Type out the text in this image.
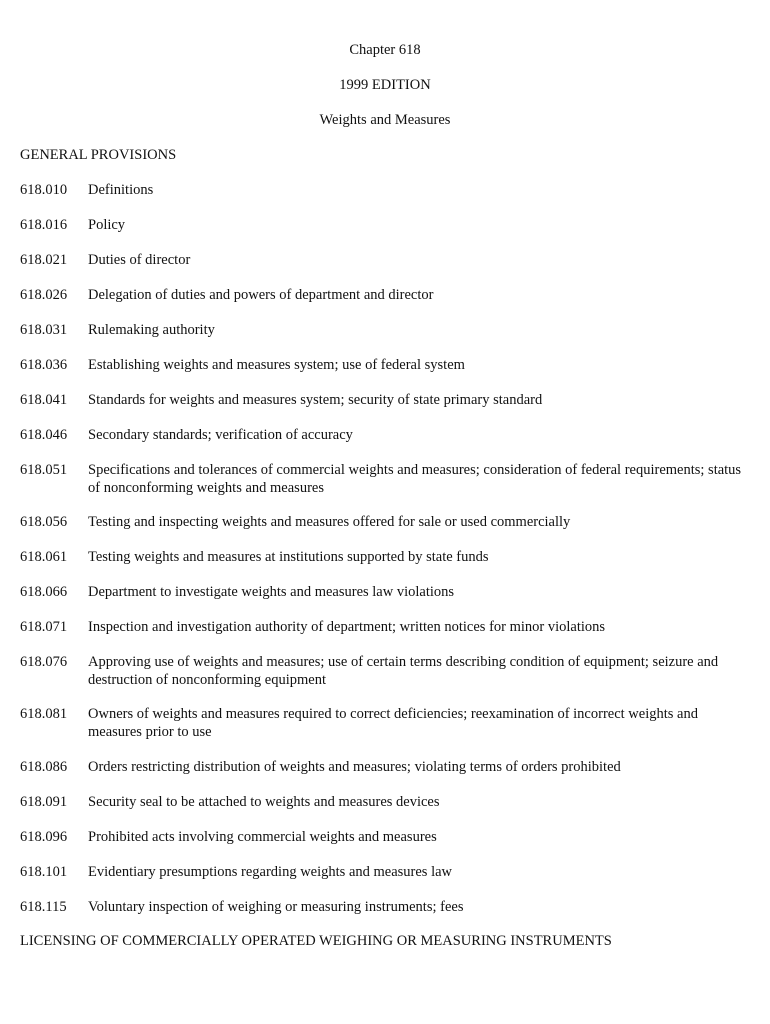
Chapter 618
1999 EDITION
Weights and Measures
GENERAL PROVISIONS
618.010 Definitions
618.016 Policy
618.021 Duties of director
618.026 Delegation of duties and powers of department and director
618.031 Rulemaking authority
618.036 Establishing weights and measures system; use of federal system
618.041 Standards for weights and measures system; security of state primary standard
618.046 Secondary standards; verification of accuracy
618.051 Specifications and tolerances of commercial weights and measures; consideration of federal requirements; status of nonconforming weights and measures
618.056 Testing and inspecting weights and measures offered for sale or used commercially
618.061 Testing weights and measures at institutions supported by state funds
618.066 Department to investigate weights and measures law violations
618.071 Inspection and investigation authority of department; written notices for minor violations
618.076 Approving use of weights and measures; use of certain terms describing condition of equipment; seizure and destruction of nonconforming equipment
618.081 Owners of weights and measures required to correct deficiencies; reexamination of incorrect weights and measures prior to use
618.086 Orders restricting distribution of weights and measures; violating terms of orders prohibited
618.091 Security seal to be attached to weights and measures devices
618.096 Prohibited acts involving commercial weights and measures
618.101 Evidentiary presumptions regarding weights and measures law
618.115 Voluntary inspection of weighing or measuring instruments; fees
LICENSING OF COMMERCIALLY OPERATED WEIGHING OR MEASURING INSTRUMENTS
